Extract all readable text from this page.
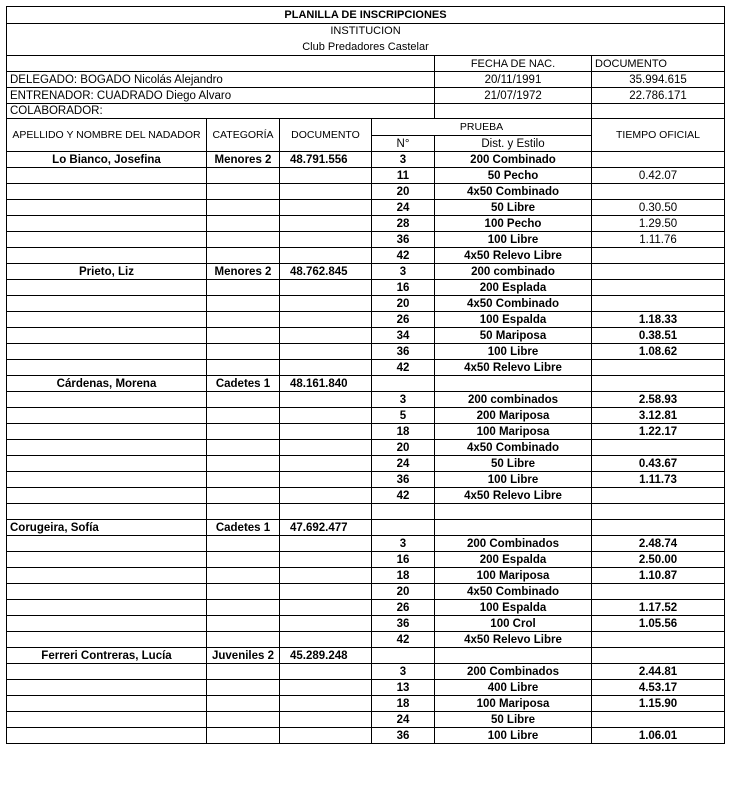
PLANILLA DE INSCRIPCIONES		
INSTITUCION		
Club Predadores Castelar		
	FECHA DE NAC.	DOCUMENTO
DELEGADO: BOGADO Nicolás Alejandro	20/11/1991	35.994.615
ENTRENADOR: CUADRADO Diego Alvaro	21/07/1972	22.786.171
COLABORADOR:		
APELLIDO Y NOMBRE DEL NADADOR	CATEGORÍA	DOCUMENTO	PRUEBA		TIEMPO OFICIAL
			N°	Dist. y Estilo	
Lo Bianco, Josefina	Menores 2	48.791.556	3	200 Combinado	
			11	50 Pecho	0.42.07
			20	4x50 Combinado	
			24	50 Libre	0.30.50
			28	100 Pecho	1.29.50
			36	100 Libre	1.11.76
			42	4x50 Relevo Libre	
Prieto, Liz	Menores 2	48.762.845	3	200 combinado	
			16	200 Esplada	
			20	4x50 Combinado	
			26	100 Espalda	1.18.33
			34	50 Mariposa	0.38.51
			36	100 Libre	1.08.62
			42	4x50 Relevo Libre	
Cárdenas, Morena	Cadetes 1	48.161.840			
			3	200 combinados	2.58.93
			5	200 Mariposa	3.12.81
			18	100 Mariposa	1.22.17
			20	4x50 Combinado	
			24	50 Libre	0.43.67
			36	100 Libre	1.11.73
			42	4x50 Relevo Libre	

Corugeira, Sofía	Cadetes 1	47.692.477			
			3	200 Combinados	2.48.74
			16	200 Espalda	2.50.00
			18	100 Mariposa	1.10.87
			20	4x50 Combinado	
			26	100 Espalda	1.17.52
			36	100 Crol	1.05.56
			42	4x50 Relevo Libre	
Ferreri Contreras, Lucía	Juveniles 2	45.289.248			
			3	200 Combinados	2.44.81
			13	400 Libre	4.53.17
			18	100 Mariposa	1.15.90
			24	50 Libre	
			36	100 Libre	1.06.01
